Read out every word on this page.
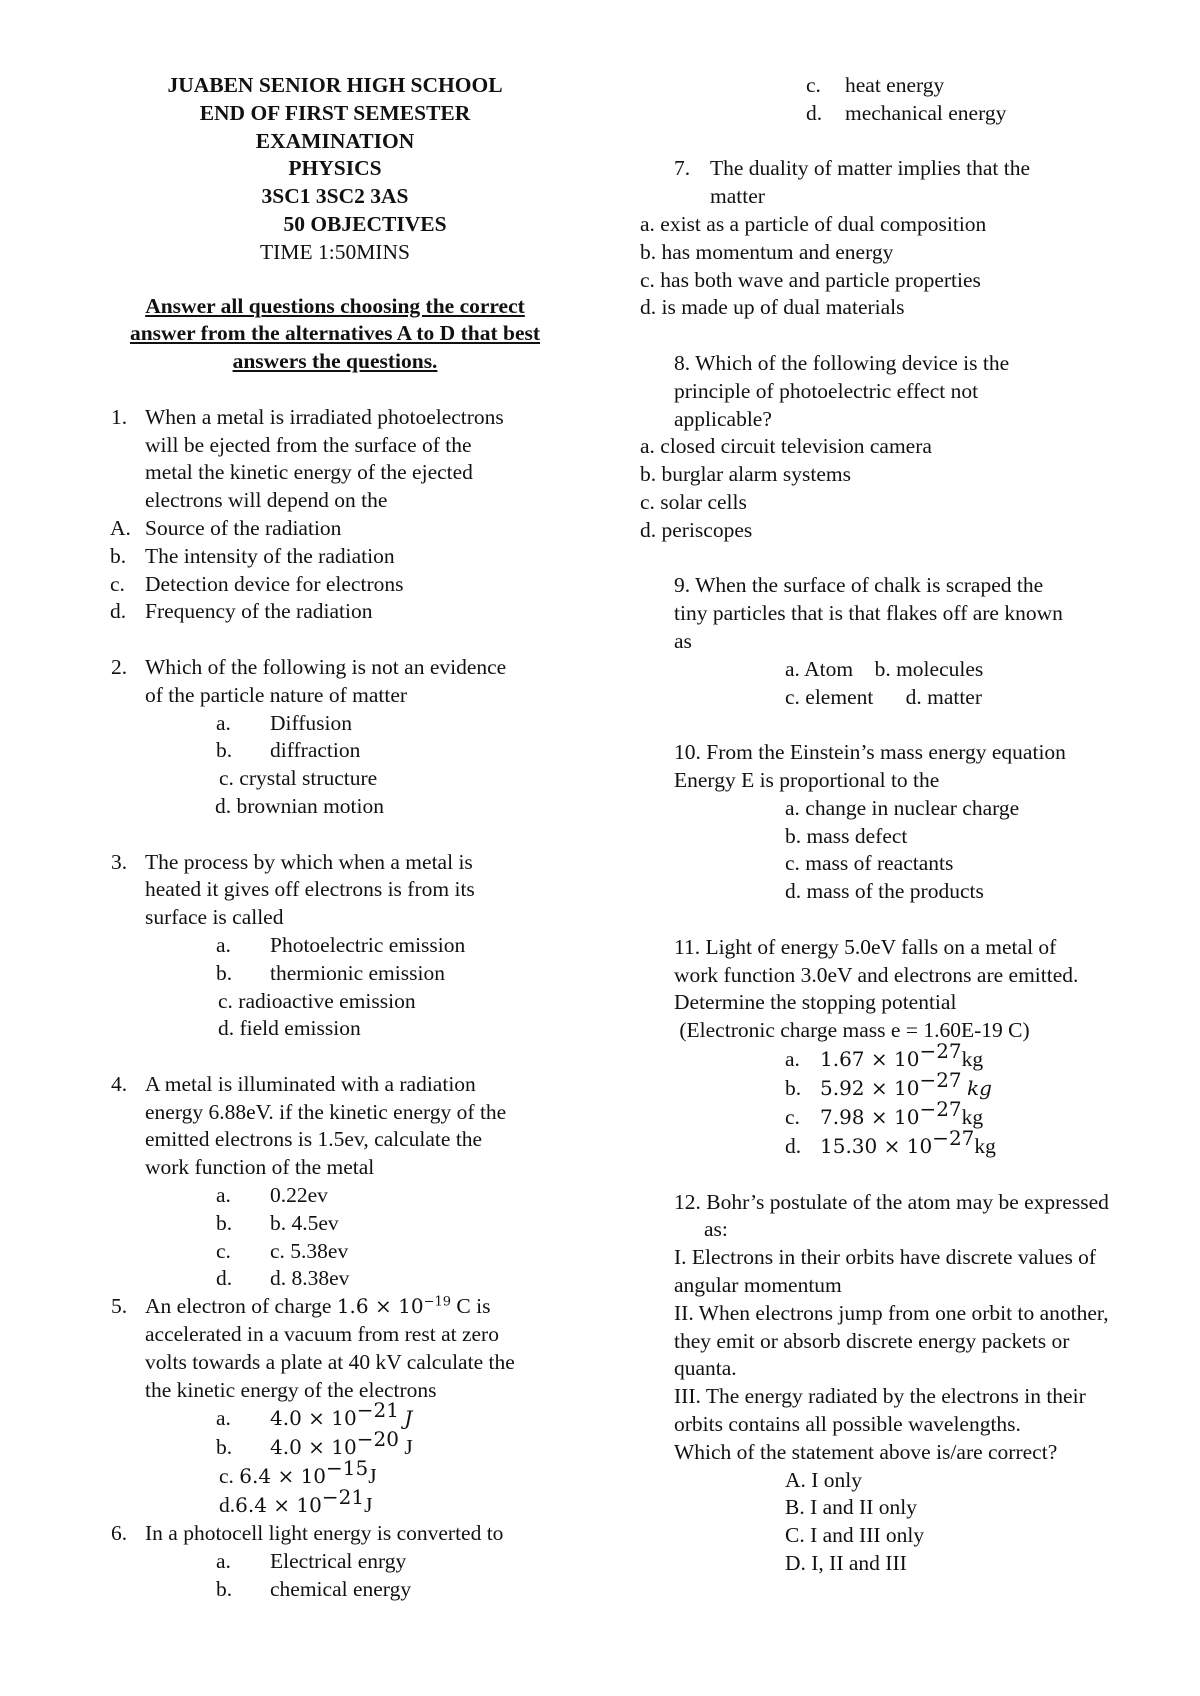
JUABEN SENIOR HIGH SCHOOL
END OF FIRST SEMESTER
EXAMINATION
PHYSICS
3SC1 3SC2 3AS
50 OBJECTIVES
TIME 1:50MINS
Answer all questions choosing the correct
answer from the alternatives A to D that best
answers the questions.
1. When a metal is irradiated photoelectrons
will be ejected from the surface of the
metal the kinetic energy of the ejected
electrons will depend on the
A. Source of the radiation
b. The intensity of the radiation
c. Detection device for electrons
d. Frequency of the radiation
2. Which of the following is not an evidence
of the particle nature of matter
a. Diffusion
b. diffraction
c. crystal structure
d. brownian motion
3. The process by which when a metal is
heated it gives off electrons is from its
surface is called
a. Photoelectric emission
b. thermionic emission
c. radioactive emission
d. field emission
4. A metal is illuminated with a radiation
energy 6.88eV. if the kinetic energy of the
emitted electrons is 1.5ev, calculate the
work function of the metal
a. 0.22ev
b. b. 4.5ev
c. c. 5.38ev
d. d. 8.38ev
5. An electron of charge $1.6 \times 10^{-19}$ C is
accelerated in a vacuum from rest at zero
volts towards a plate at 40 kV calculate the
the kinetic energy of the electrons
a. $4.0 \times 10^{-21}$ J
b. $4.0 \times 10^{-20}$ J
c. $6.4 \times 10^{-15}J$
$d.6.4 \times 10^{-21}J$
6. In a photocell light energy is converted to
a. Electrical enrgy
b. chemical energy
c. heat energy
d. mechanical energy
7. The duality of matter implies that the
matter
a. exist as a particle of dual composition
b. has momentum and energy
c. has both wave and particle properties
d. is made up of dual materials
8. Which of the following device is the
principle of photoelectric effect not
applicable?
a. closed circuit television camera
b. burglar alarm systems
c. solar cells
d. periscopes
9. When the surface of chalk is scraped the
tiny particles that is that flakes off are known
as
a. Atom    b. molecules
c. element      d. matter
10. From the Einstein’s mass energy equation
Energy E is proportional to the
a. change in nuclear charge
b. mass defect
c. mass of reactants
d. mass of the products
11. Light of energy 5.0eV falls on a metal of
work function 3.0eV and electrons are emitted.
Determine the stopping potential
(Electronic charge mass e = 1.60E-19 C)
a. $1.67 \times 10^{-27}kg$
b. $5.92 \times 10^{-27}$ kg
c. $7.98 \times 10^{-27}kg$
d. $15.30 \times 10^{-27}kg$
12. Bohr’s postulate of the atom may be expressed
as:
I. Electrons in their orbits have discrete values of
angular momentum
II. When electrons jump from one orbit to another,
they emit or absorb discrete energy packets or
quanta.
III. The energy radiated by the electrons in their
orbits contains all possible wavelengths.
Which of the statement above is/are correct?
A. I only
B. I and II only
C. I and III only
D. I, II and III
